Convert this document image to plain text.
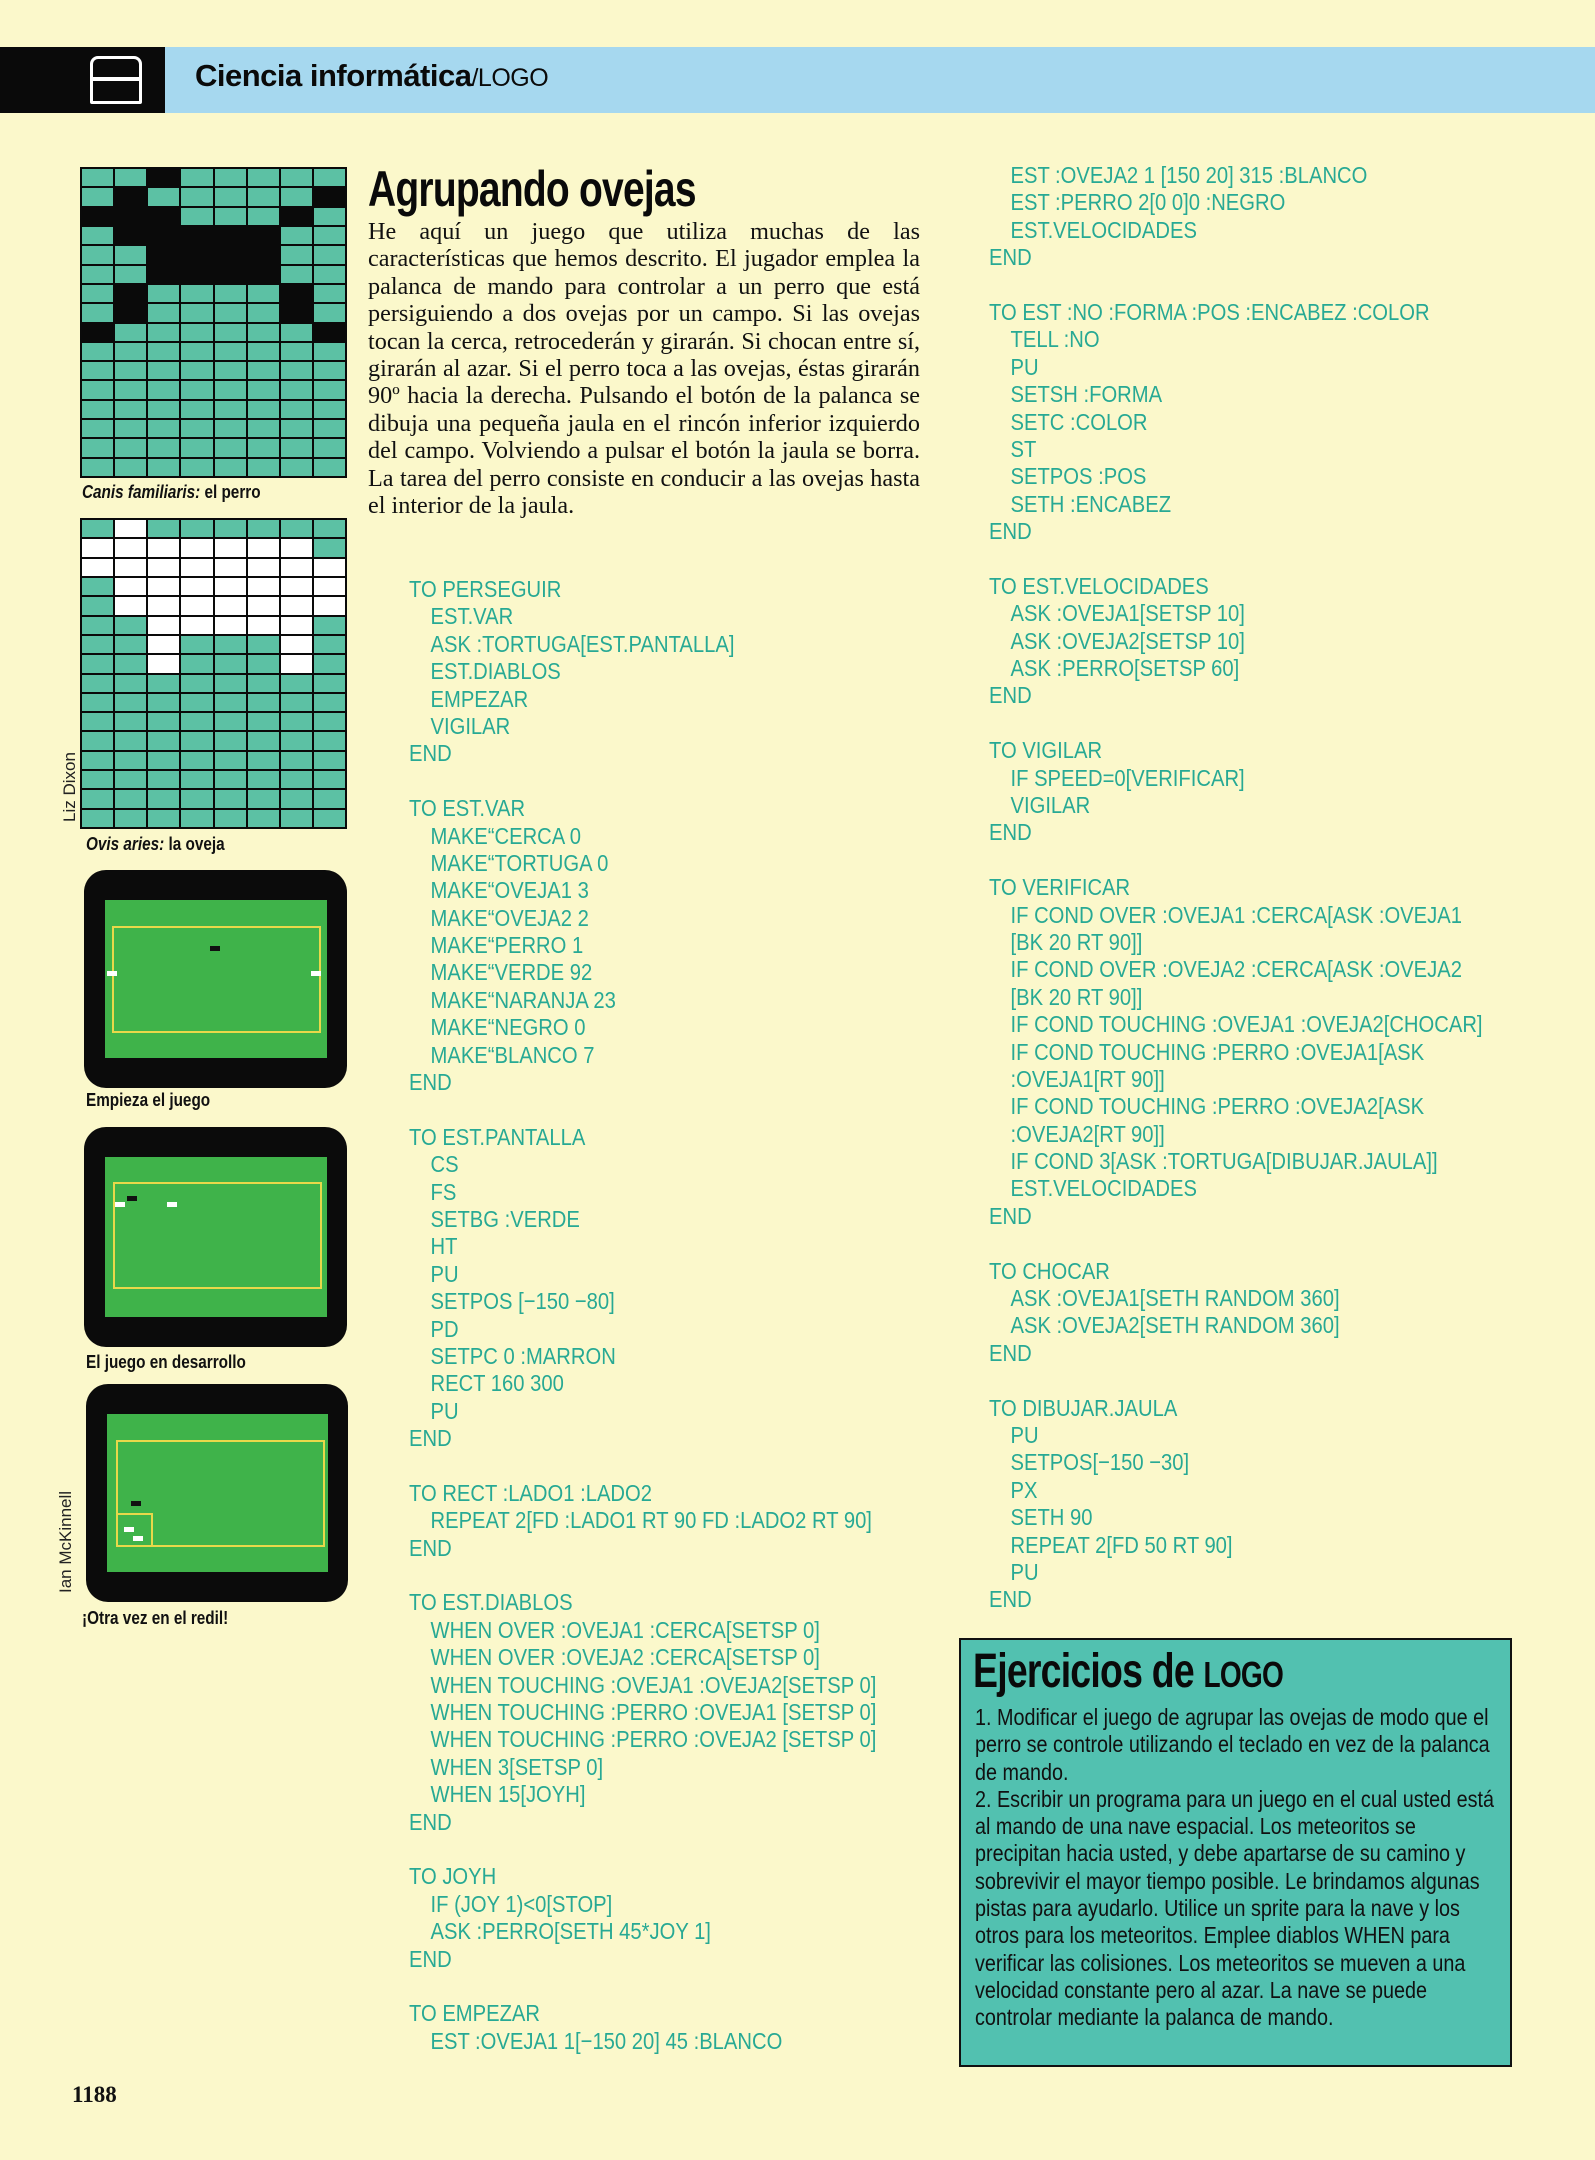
Ciencia informática/LOGO
Canis familiaris: el perro
Ovis aries: la oveja
Liz Dixon
Empieza el juego
El juego en desarrollo
¡Otra vez en el redil!
Ian McKinnell
Agrupando ovejas
He aquí un juego que utiliza muchas de las características que hemos descrito. El jugador emplea la palanca de mando para controlar a un perro que está persiguiendo a dos ovejas por un campo. Si las ovejas tocan la cerca, retrocederán y girarán. Si chocan entre sí, girarán al azar. Si el perro toca a las ovejas, éstas girarán 90º hacia la derecha. Pulsando el botón de la palanca se dibuja una pequeña jaula en el rincón inferior izquierdo del campo. Volviendo a pulsar el botón la jaula se borra. La tarea del perro consiste en conducir a las ovejas hasta el interior de la jaula.
TO PERSEGUIR
EST.VAR
ASK :TORTUGA[EST.PANTALLA]
EST.DIABLOS
EMPEZAR
VIGILAR
END
TO EST.VAR
MAKE“CERCA 0
MAKE“TORTUGA 0
MAKE“OVEJA1 3
MAKE“OVEJA2 2
MAKE“PERRO 1
MAKE“VERDE 92
MAKE“NARANJA 23
MAKE“NEGRO 0
MAKE“BLANCO 7
END
TO EST.PANTALLA
CS
FS
SETBG :VERDE
HT
PU
SETPOS [−150 −80]
PD
SETPC 0 :MARRON
RECT 160 300
PU
END
TO RECT :LADO1 :LADO2
REPEAT 2[FD :LADO1 RT 90 FD :LADO2 RT 90]
END
TO EST.DIABLOS
WHEN OVER :OVEJA1 :CERCA[SETSP 0]
WHEN OVER :OVEJA2 :CERCA[SETSP 0]
WHEN TOUCHING :OVEJA1 :OVEJA2[SETSP 0]
WHEN TOUCHING :PERRO :OVEJA1 [SETSP 0]
WHEN TOUCHING :PERRO :OVEJA2 [SETSP 0]
WHEN 3[SETSP 0]
WHEN 15[JOYH]
END
TO JOYH
IF (JOY 1)<0[STOP]
ASK :PERRO[SETH 45*JOY 1]
END
TO EMPEZAR
EST :OVEJA1 1[−150 20] 45 :BLANCO
EST :OVEJA2 1 [150 20] 315 :BLANCO
EST :PERRO 2[0 0]0 :NEGRO
EST.VELOCIDADES
END
TO EST :NO :FORMA :POS :ENCABEZ :COLOR
TELL :NO
PU
SETSH :FORMA
SETC :COLOR
ST
SETPOS :POS
SETH :ENCABEZ
END
TO EST.VELOCIDADES
ASK :OVEJA1[SETSP 10]
ASK :OVEJA2[SETSP 10]
ASK :PERRO[SETSP 60]
END
TO VIGILAR
IF SPEED=0[VERIFICAR]
VIGILAR
END
TO VERIFICAR
IF COND OVER :OVEJA1 :CERCA[ASK :OVEJA1
[BK 20 RT 90]]
IF COND OVER :OVEJA2 :CERCA[ASK :OVEJA2
[BK 20 RT 90]]
IF COND TOUCHING :OVEJA1 :OVEJA2[CHOCAR]
IF COND TOUCHING :PERRO :OVEJA1[ASK
:OVEJA1[RT 90]]
IF COND TOUCHING :PERRO :OVEJA2[ASK
:OVEJA2[RT 90]]
IF COND 3[ASK :TORTUGA[DIBUJAR.JAULA]]
EST.VELOCIDADES
END
TO CHOCAR
ASK :OVEJA1[SETH RANDOM 360]
ASK :OVEJA2[SETH RANDOM 360]
END
TO DIBUJAR.JAULA
PU
SETPOS[−150 −30]
PX
SETH 90
REPEAT 2[FD 50 RT 90]
PU
END
Ejercicios de LOGO

1. Modificar el juego de agrupar las ovejas de modo que el perro se controle utilizando el teclado en vez de la palanca de mando.

2. Escribir un programa para un juego en el cual usted está al mando de una nave espacial. Los meteoritos se precipitan hacia usted, y debe apartarse de su camino y sobrevivir el mayor tiempo posible. Le brindamos algunas pistas para ayudarlo. Utilice un sprite para la nave y los otros para los meteoritos. Emplee diablos WHEN para verificar las colisiones. Los meteoritos se mueven a una velocidad constante pero al azar. La nave se puede controlar mediante la palanca de mando.

1188
